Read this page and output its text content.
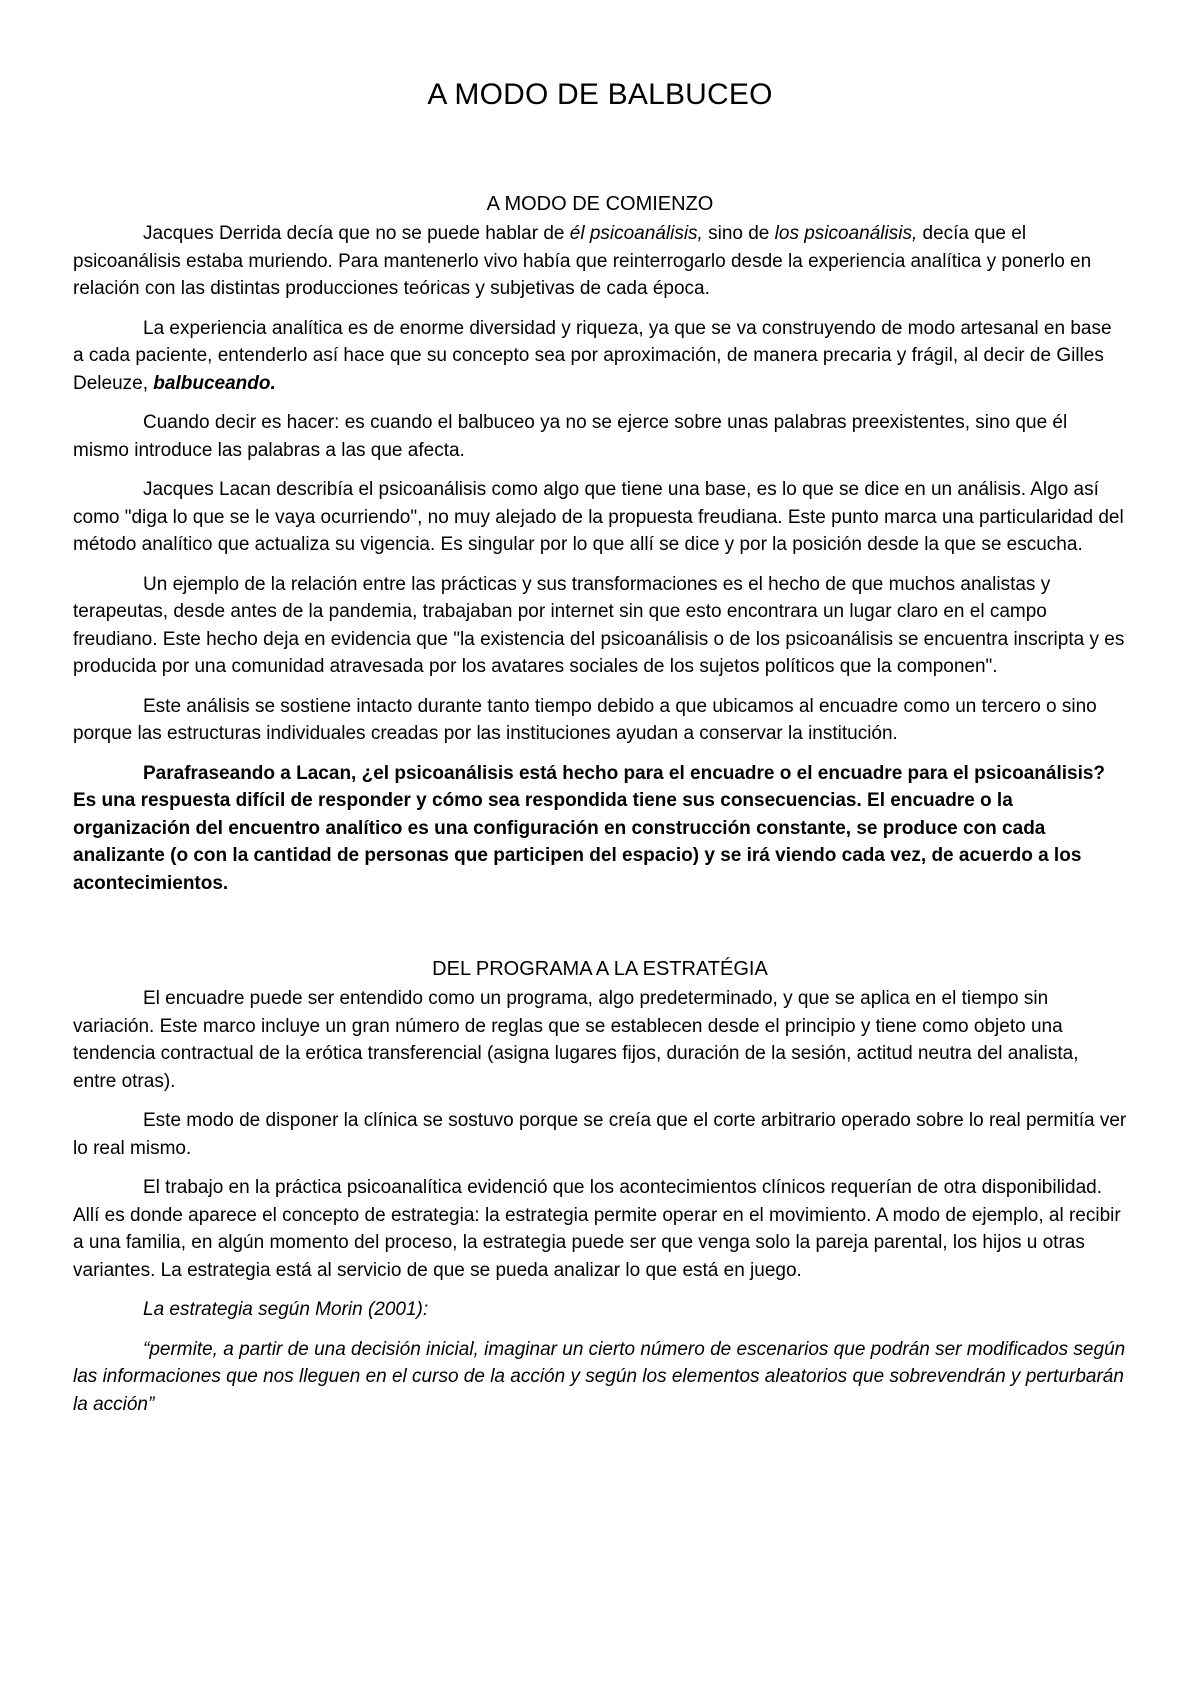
A MODO DE BALBUCEO
A MODO DE COMIENZO

Jacques Derrida decía que no se puede hablar de él psicoanálisis, sino de los psicoanálisis, decía que el psicoanálisis estaba muriendo. Para mantenerlo vivo había que reinterrogarlo desde la experiencia analítica y ponerlo en relación con las distintas producciones teóricas y subjetivas de cada época.

La experiencia analítica es de enorme diversidad y riqueza, ya que se va construyendo de modo artesanal en base a cada paciente, entenderlo así hace que su concepto sea por aproximación, de manera precaria y frágil, al decir de Gilles Deleuze, balbuceando.

Cuando decir es hacer: es cuando el balbuceo ya no se ejerce sobre unas palabras preexistentes, sino que él mismo introduce las palabras a las que afecta.

Jacques Lacan describía el psicoanálisis como algo que tiene una base, es lo que se dice en un análisis. Algo así como "diga lo que se le vaya ocurriendo", no muy alejado de la propuesta freudiana. Este punto marca una particularidad del método analítico que actualiza su vigencia. Es singular por lo que allí se dice y por la posición desde la que se escucha.

Un ejemplo de la relación entre las prácticas y sus transformaciones es el hecho de que muchos analistas y terapeutas, desde antes de la pandemia, trabajaban por internet sin que esto encontrara un lugar claro en el campo freudiano. Este hecho deja en evidencia que "la existencia del psicoanálisis o de los psicoanálisis se encuentra inscripta y es producida por una comunidad atravesada por los avatares sociales de los sujetos políticos que la componen".

Este análisis se sostiene intacto durante tanto tiempo debido a que ubicamos al encuadre como un tercero o sino porque las estructuras individuales creadas por las instituciones ayudan a conservar la institución.

Parafraseando a Lacan, ¿el psicoanálisis está hecho para el encuadre o el encuadre para el psicoanálisis? Es una respuesta difícil de responder y cómo sea respondida tiene sus consecuencias. El encuadre o la organización del encuentro analítico es una configuración en construcción constante, se produce con cada analizante (o con la cantidad de personas que participen del espacio) y se irá viendo cada vez, de acuerdo a los acontecimientos.

DEL PROGRAMA A LA ESTRATÉGIA

El encuadre puede ser entendido como un programa, algo predeterminado, y que se aplica en el tiempo sin variación. Este marco incluye un gran número de reglas que se establecen desde el principio y tiene como objeto una tendencia contractual de la erótica transferencial (asigna lugares fijos, duración de la sesión, actitud neutra del analista, entre otras).

Este modo de disponer la clínica se sostuvo porque se creía que el corte arbitrario operado sobre lo real permitía ver lo real mismo.

El trabajo en la práctica psicoanalítica evidenció que los acontecimientos clínicos requerían de otra disponibilidad. Allí es donde aparece el concepto de estrategia: la estrategia permite operar en el movimiento. A modo de ejemplo, al recibir a una familia, en algún momento del proceso, la estrategia puede ser que venga solo la pareja parental, los hijos u otras variantes. La estrategia está al servicio de que se pueda analizar lo que está en juego.

La estrategia según Morin (2001):

“permite, a partir de una decisión inicial, imaginar un cierto número de escenarios que podrán ser modificados según las informaciones que nos lleguen en el curso de la acción y según los elementos aleatorios que sobrevendrán y perturbarán la acción”
